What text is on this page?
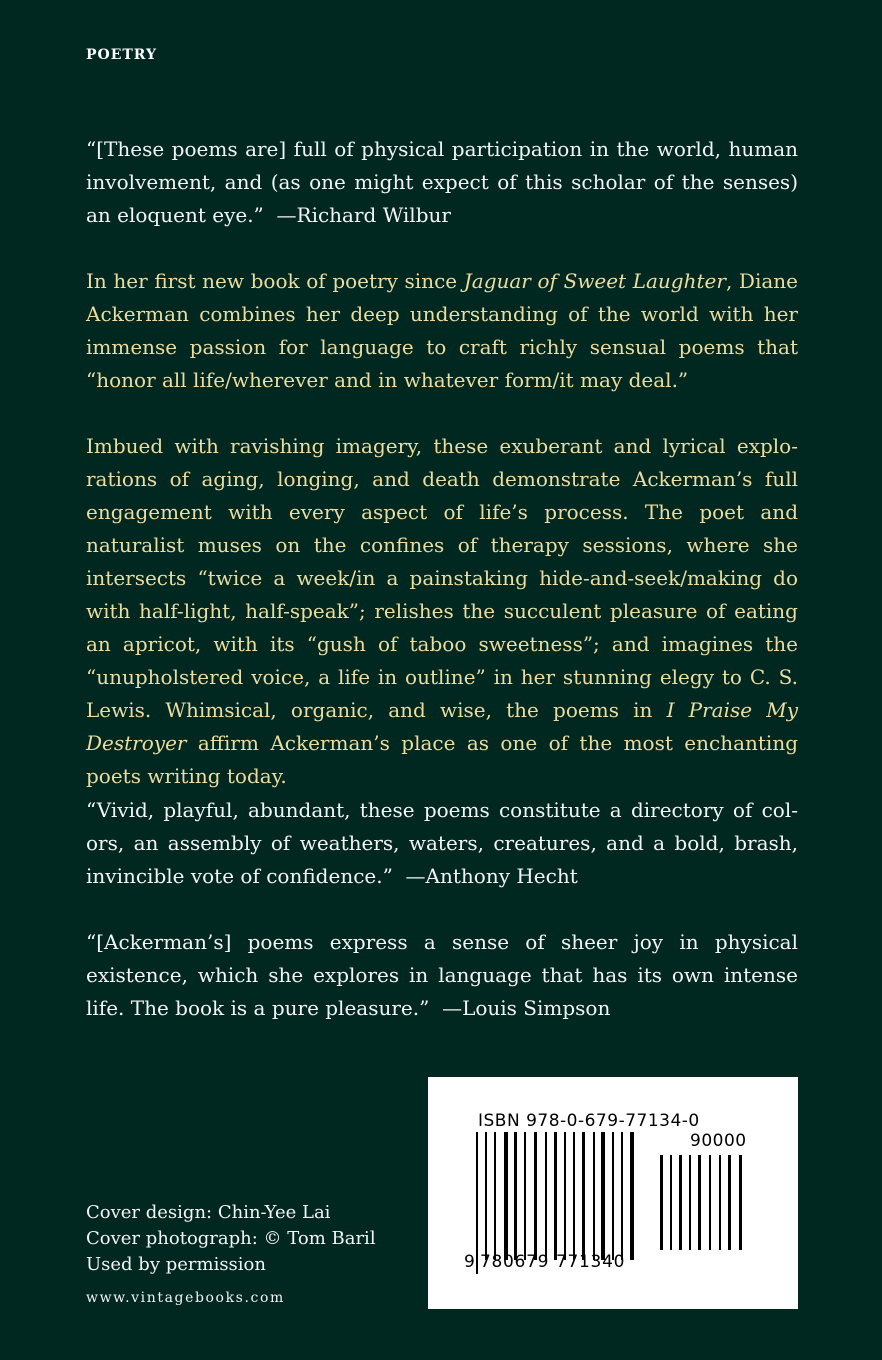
POETRY
“[These poems are] full of physical participation in the world, human involvement, and (as one might expect of this scholar of the senses) an eloquent eye.” —Richard Wilbur
In her first new book of poetry since Jaguar of Sweet Laughter, Diane Ackerman combines her deep understanding of the world with her immense passion for language to craft richly sensual poems that “honor all life/wherever and in whatever form/it may deal.”
Imbued with ravishing imagery, these exuberant and lyrical explorations of aging, longing, and death demonstrate Ackerman’s full engagement with every aspect of life’s process. The poet and naturalist muses on the confines of therapy sessions, where she intersects “twice a week/in a painstaking hide-and-seek/making do with half-light, half-speak”; relishes the succulent pleasure of eating an apricot, with its “gush of taboo sweetness”; and imagines the “unupholstered voice, a life in outline” in her stunning elegy to C. S. Lewis. Whimsical, organic, and wise, the poems in I Praise My Destroyer affirm Ackerman’s place as one of the most enchanting poets writing today.
“Vivid, playful, abundant, these poems constitute a directory of colors, an assembly of weathers, waters, creatures, and a bold, brash, invincible vote of confidence.” —Anthony Hecht
“[Ackerman’s] poems express a sense of sheer joy in physical existence, which she explores in language that has its own intense life. The book is a pure pleasure.” —Louis Simpson
Cover design: Chin-Yee Lai
Cover photograph: © Tom Baril
Used by permission
www.vintagebooks.com
ISBN 978-0-679-77134-0
90000
9 780679 771340
